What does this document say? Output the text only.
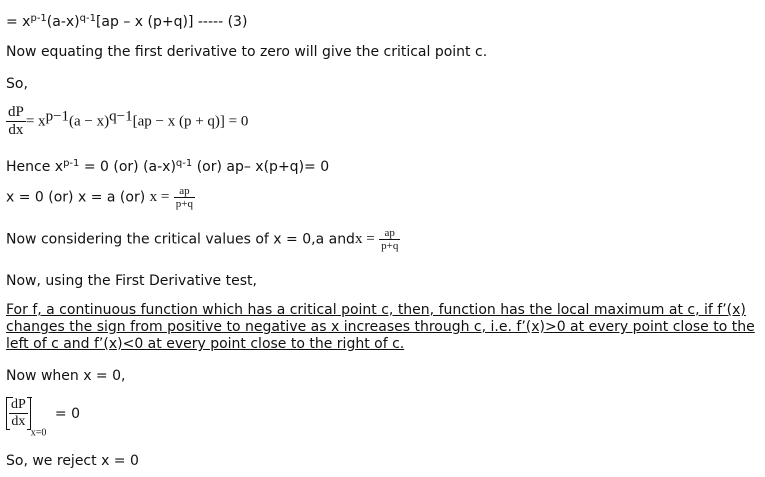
= $x^{p-1}(a-x)^{q-1}[ap$ – x (p+q)] ----- (3)
Now equating the first derivative to zero will give the critical point c.
So,
$\frac{dP}{dx} = x^{p-1}(a - x)^{q-1}[ap - x$ (p + q)] = 0
Hence $x^{p-1} = 0$ (or) $(a-x)^{q-1}$ (or) ap– x(p+q)= 0
x = 0 (or) x = a (or) $x = \frac{ap}{p+q}$
Now considering the critical values of x = 0,a andx = $\frac{ap}{p+q}$
Now, using the First Derivative test,
For f, a continuous function which has a critical point c, then, function has the local maximum at c, if f’(x) changes the sign from positive to negative as x increases through c, i.e. f’(x)>0 at every point close to the left of c and f’(x)<0 at every point close to the right of c.
Now when x = 0,
$\frac{dP}{dx}$
$_{x=0}$ = 0
So, we reject x = 0
